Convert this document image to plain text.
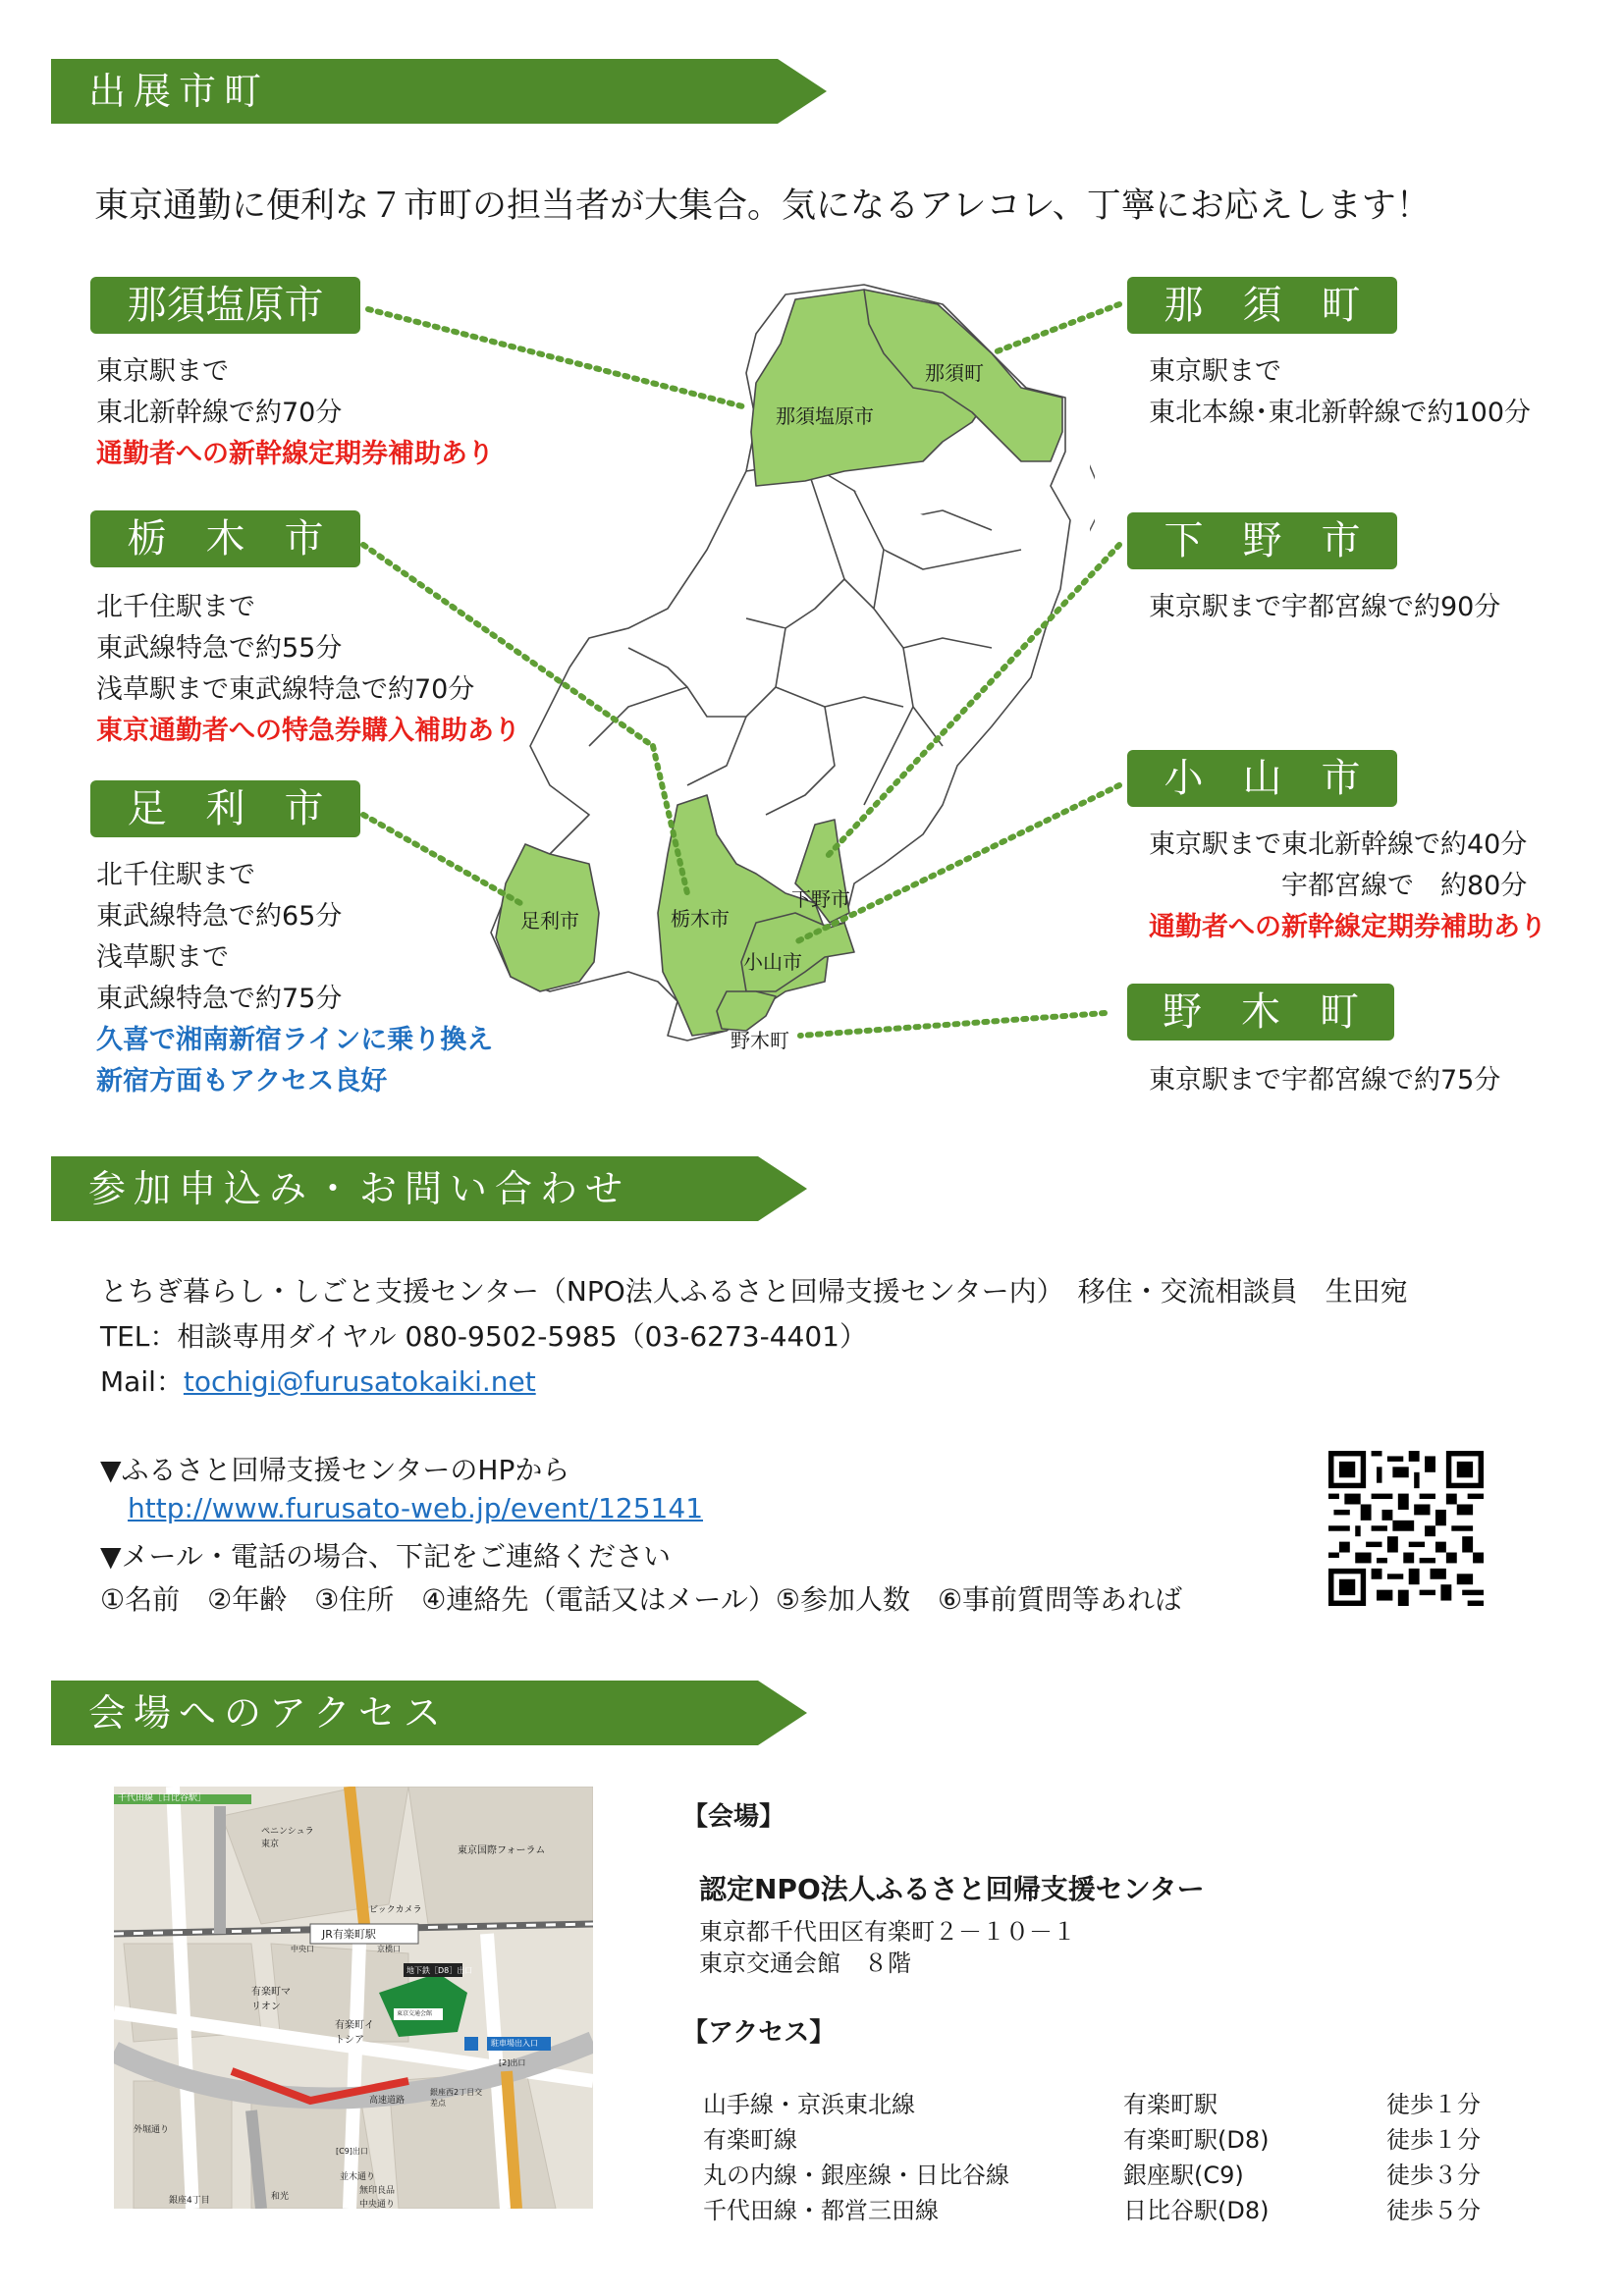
出展市町
東京通勤に便利な７市町の担当者が大集合。気になるアレコレ、丁寧にお応えします！
那須塩原市
那須町
栃木市
足利市
下野市
小山市
野木町
那須塩原市
東京駅まで
東北新幹線で約70分
通勤者への新幹線定期券補助あり
栃　木　市
北千住駅まで
東武線特急で約55分
浅草駅まで東武線特急で約70分
東京通勤者への特急券購入補助あり
足　利　市
北千住駅まで
東武線特急で約65分
浅草駅まで
東武線特急で約75分
久喜で湘南新宿ラインに乗り換え
新宿方面もアクセス良好
那　須　町
東京駅まで
東北本線･東北新幹線で約100分
下　野　市
東京駅まで宇都宮線で約90分
小　山　市
東京駅まで東北新幹線で約40分
宇都宮線で　約80分
通勤者への新幹線定期券補助あり
野　木　町
東京駅まで宇都宮線で約75分
参加申込み・お問い合わせ
とちぎ暮らし・しごと支援センター（NPO法人ふるさと回帰支援センター内）　移住・交流相談員　生田宛
TEL：相談専用ダイヤル 080-9502-5985（03-6273-4401）
Mail：tochigi@furusatokaiki.net
▼ふるさと回帰支援センターのHPから
http://www.furusato-web.jp/event/125141
▼メール・電話の場合、下記をご連絡ください
①名前　②年齢　③住所　④連絡先（電話又はメール）⑤参加人数　⑥事前質問等あれば
会場へのアクセス
千代田線［日比谷駅］
JR有楽町駅
中央口	京橋口
ペニンシュラ東京
東京国際フォーラム
ビックカメラ
地下鉄［D8］出口
有楽町マリオン
有楽町イトシア
東京交通会館
駐車場出入口
銀座西2丁目交差点
[2]出口
高速道路
外堀通り
[C9]出口
並木通り
無印良品
銀座4丁目	和光
中央通り
【会場】
認定NPO法人ふるさと回帰支援センター
東京都千代田区有楽町２－１０－１
東京交通会館　８階
【アクセス】
山手線・京浜東北線	有楽町駅	徒歩１分
有楽町線	有楽町駅(D8)	徒歩１分
丸の内線・銀座線・日比谷線	銀座駅(C9)	徒歩３分
千代田線・都営三田線	日比谷駅(D8)	徒歩５分
